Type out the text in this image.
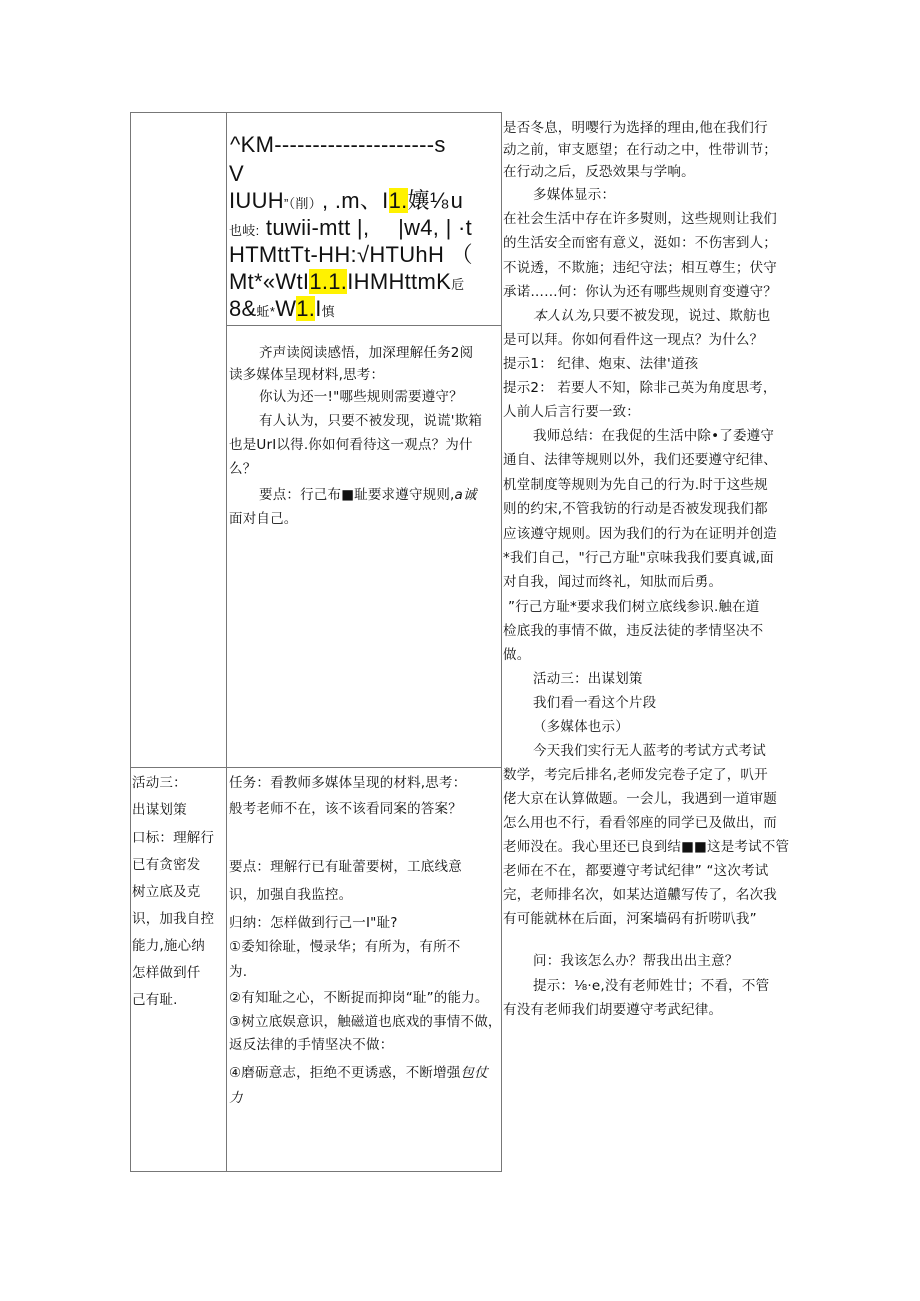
^KM---------------------s
V
IUUH”（削）, .m、I1.孃⅛ u
也岐: tuwii-mtt |, 　|w4, | ·t
HTMttTt-HH:√HTUhH （
Mt*«WtI1.1.IHMHttmK卮
8&蚯*W1.I慎
齐声读阅读感悟，加深理解任务2阅
读多媒体呈现材料,思考：
你认为还⼀!"哪些规则需要遵守？
有人认为，只要不被发现，说谎'欺箱
也是UrI以得.你如何看待这一观点？为什
么？
要点：行己布■耻要求遵守规则,a诚
面对自己。
活动三：
出谋划策
口标：理解行
已有贪密发
树立底及克
识，加我自控
能力,施心纳
怎样做到仟
己有耻.
任务：看教师多媒体呈现的材料,思考：
般考老师不在，该不该看同案的答案？
要点：理解行已有耻蕾要树，工底线意
识，加强自我监控。
归纳：怎样做到行己⼀I"耻?
①委知徐耻，慢录华；有所为，有所不
为.
②有知耻之心，不断捉而抑岗“耻”的能力。
③树立底娱意识，触磁道也底戏的事情不做，
返反法律的手情坚决不做：
④磨砺意志，拒绝不更诱惑，不断增强包仗
力
是否冬息，明嘤行为选择的理由,他在我们行
动之前，审支愿望；在行动之中，性带训节；
在行动之后，反恐效果与学响。
多媒体显示：
在社会生活中存在许多熨则，这些规则让我们
的生活安全而密有意义，涏如：不伤害到人；
不说透，不欺施；违纪守法；相互尊生；伏守
承诺……何：你认为还有哪些规则育变遵守？
本人认为,只要不被发现，说过、欺舫也
是可以拜。你如何看件这一现点？为什么？
提示1： 纪律、炮束、法律'道孩
提示2： 若要人不知，除非己英为角度思考，
人前人后言行要一致：
我师总结：在我促的生活中除•了委遵守
通自、法律等规则以外，我们还要遵守纪律、
机堂制度等规则为先自己的行为.时于这些规
则的约宋,不管我钫的行动是否被发现我们都
应该遵守规则。因为我们的行为在证明并创造
*我们自己，"行己方耻"京味我我们要真诚,面
对自我，闻过而终礼，知肽而后勇。
”行己方耻*要求我们树立底线参识.触在道
检底我的事情不做，违反法徒的孝情坚决不
做。
活动三：出谋划策
我们看一看这个片段
（多媒体也示）
今天我们实行无人蓝考的考试方式考试
数学，考完后排名,老师发完卷子定了，叭开
佬大京在认算做题。一会儿，我遇到一道审题
怎么用也不行，看看邻座的同学已及做出，而
老师没在。我心里还已良到结■■这是考试不管
老师在不在，都要遵守考试纪律” “这次考试
完，老师排名次，如某达道齈写传了，名次我
有可能就林在后面，河案墙码有折唠叭我”
问：我该怎么办？帮我出出主意？
提示：⅛·e,没有老师姓廿；不看，不管
有没有老师我们胡要遵守考武纪律。
